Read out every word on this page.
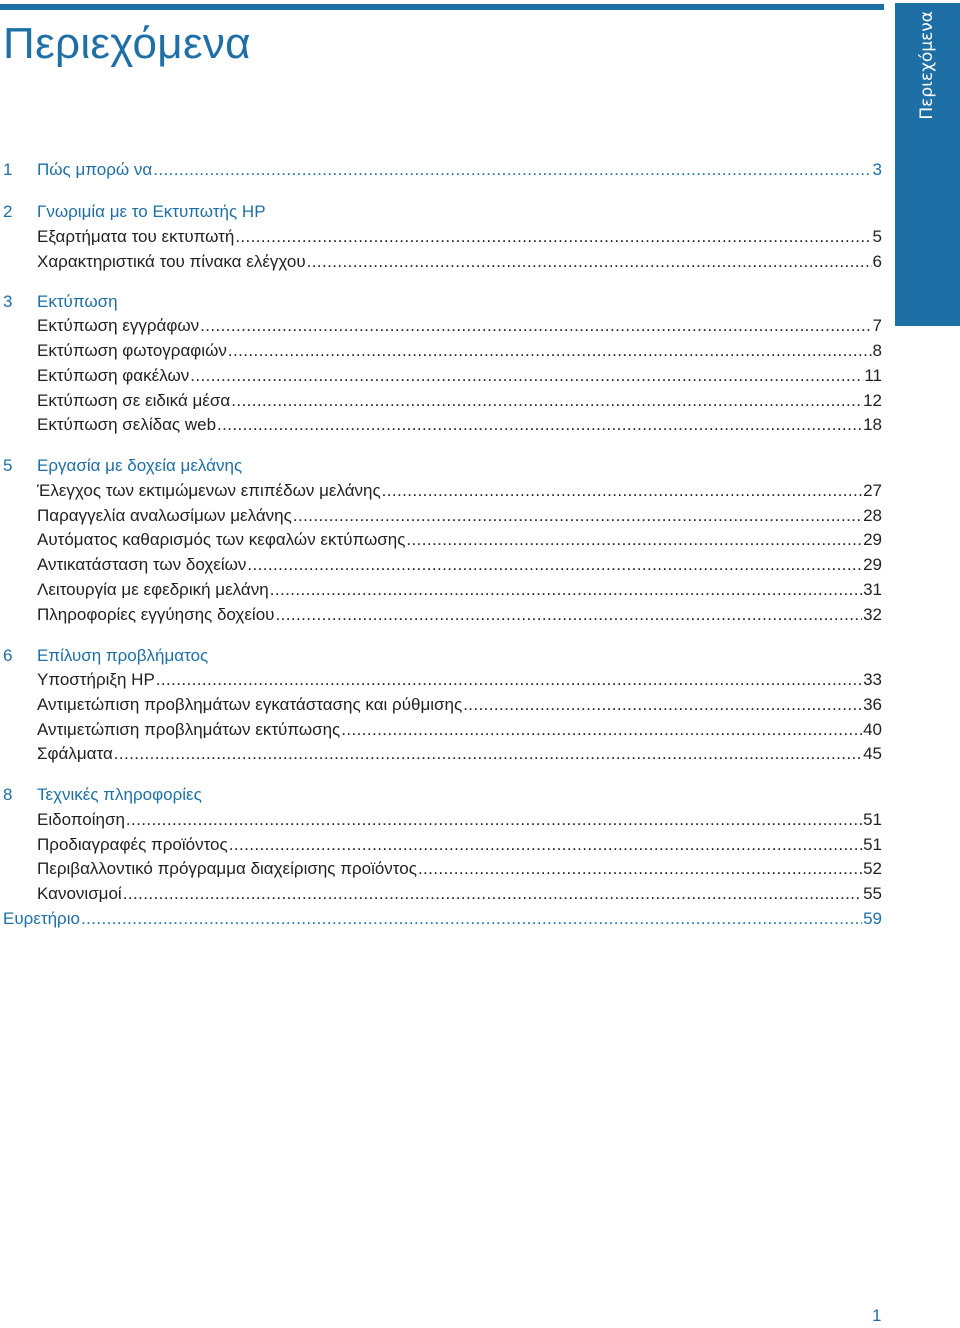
Περιεχόμενα	Περιεχόμενα
1	Πώς μπορώ να .....	3
2	Γνωριμία με το Εκτυπωτής HP
Εξαρτήματα του εκτυπωτή .....	5
Χαρακτηριστικά του πίνακα ελέγχου .....	6
3	Εκτύπωση
Εκτύπωση εγγράφων .....	7
Εκτύπωση φωτογραφιών .....	8
Εκτύπωση φακέλων .....	11
Εκτύπωση σε ειδικά μέσα .....	12
Εκτύπωση σελίδας web .....	18
5	Εργασία με δοχεία μελάνης
Έλεγχος των εκτιμώμενων επιπέδων μελάνης .....	27
Παραγγελία αναλωσίμων μελάνης .....	28
Αυτόματος καθαρισμός των κεφαλών εκτύπωσης .....	29
Αντικατάσταση των δοχείων .....	29
Λειτουργία με εφεδρική μελάνη .....	31
Πληροφορίες εγγύησης δοχείου .....	32
6	Επίλυση προβλήματος
Υποστήριξη HP .....	33
Αντιμετώπιση προβλημάτων εγκατάστασης και ρύθμισης .....	36
Αντιμετώπιση προβλημάτων εκτύπωσης .....	40
Σφάλματα .....	45
8	Τεχνικές πληροφορίες
Ειδοποίηση .....	51
Προδιαγραφές προϊόντος .....	51
Περιβαλλοντικό πρόγραμμα διαχείρισης προϊόντος .....	52
Κανονισμοί .....	55
Ευρετήριο .....	59
1
